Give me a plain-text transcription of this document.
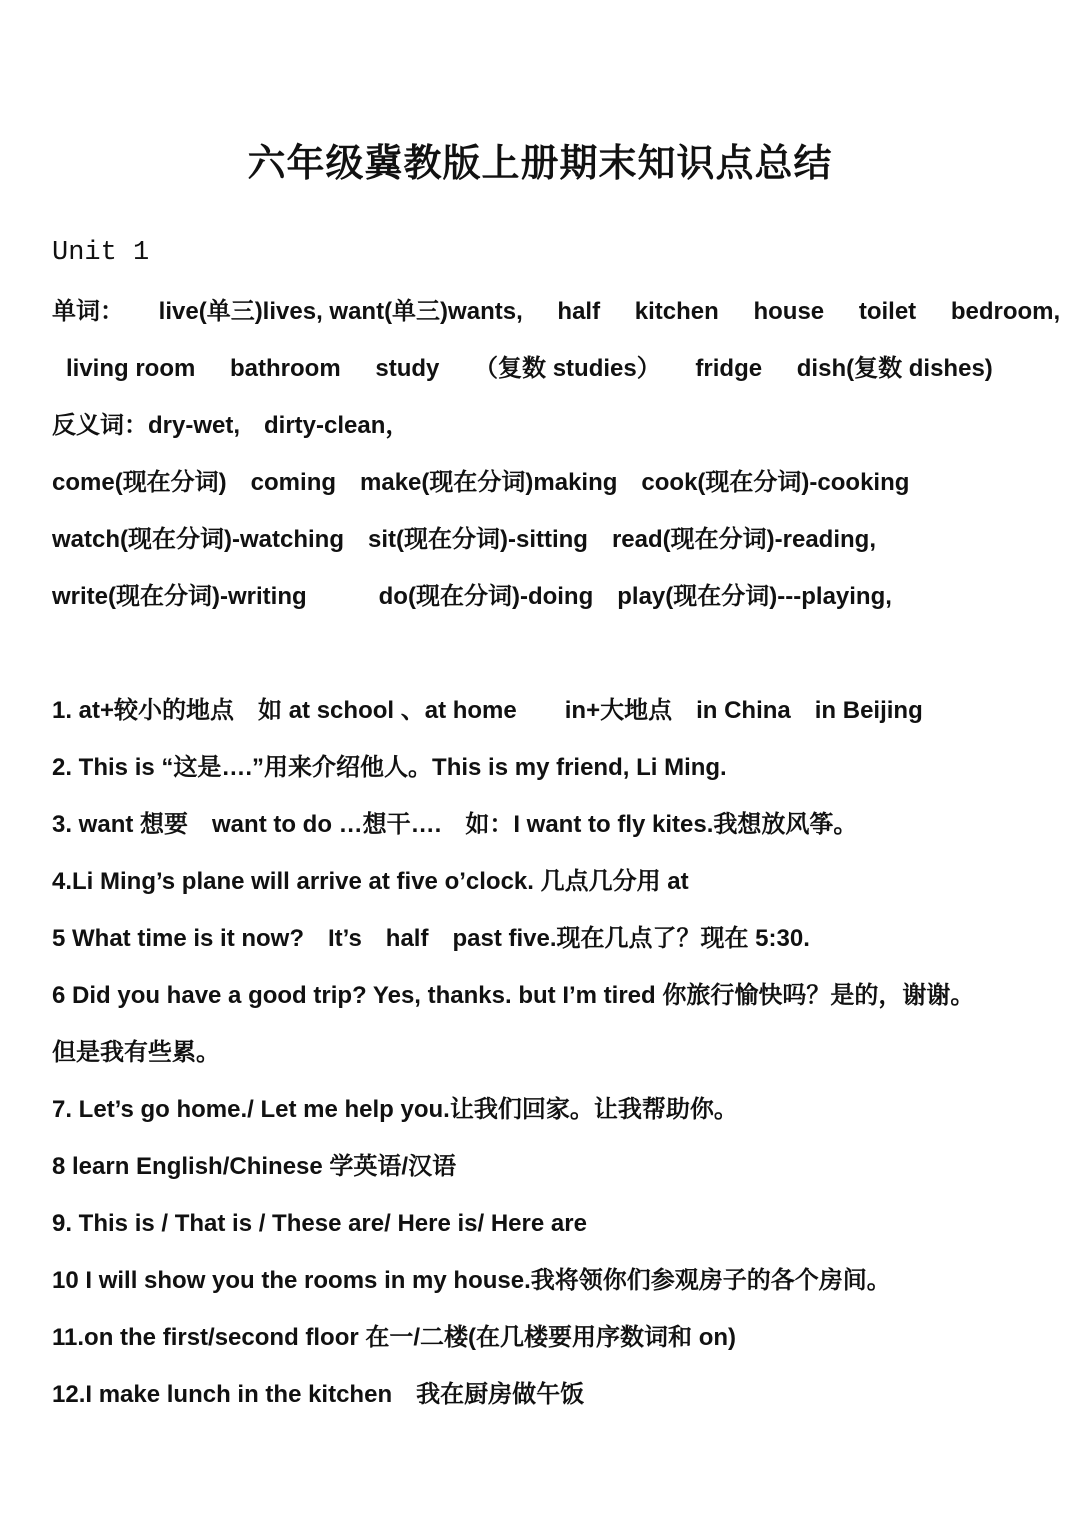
六年级冀教版上册期末知识点总结
Unit 1
单词： live(单三)lives, want(单三)wants, half kitchen house toilet bedroom,
living room bathroom study （复数 studies） fridge dish(复数 dishes)
反义词：dry-wet,　dirty-clean，
come(现在分词)　coming　make(现在分词)making　cook(现在分词)-cooking
watch(现在分词)-watching　sit(现在分词)-sitting　read(现在分词)-reading,
write(现在分词)-writing　　　do(现在分词)-doing　play(现在分词)---playing,
1. at+较小的地点　如 at school 、at home　　in+大地点　in China　in Beijing
2. This is “这是….”用来介绍他人。This is my friend, Li Ming.
3. want 想要　want to do …想干….　如：I want to fly kites.我想放风筝。
4.Li Ming’s plane will arrive at five o’clock. 几点几分用 at
5 What time is it now?　It’s　half　past five.现在几点了？现在 5:30.
6 Did you have a good trip? Yes, thanks. but I’m tired 你旅行愉快吗？是的，谢谢。
但是我有些累。
7. Let’s go home./ Let me help you.让我们回家。让我帮助你。
8 learn English/Chinese 学英语/汉语
9. This is / That is / These are/ Here is/ Here are
10 I will show you the rooms in my house.我将领你们参观房子的各个房间。
11.on the first/second floor 在一/二楼(在几楼要用序数词和 on)
12.I make lunch in the kitchen　我在厨房做午饭
